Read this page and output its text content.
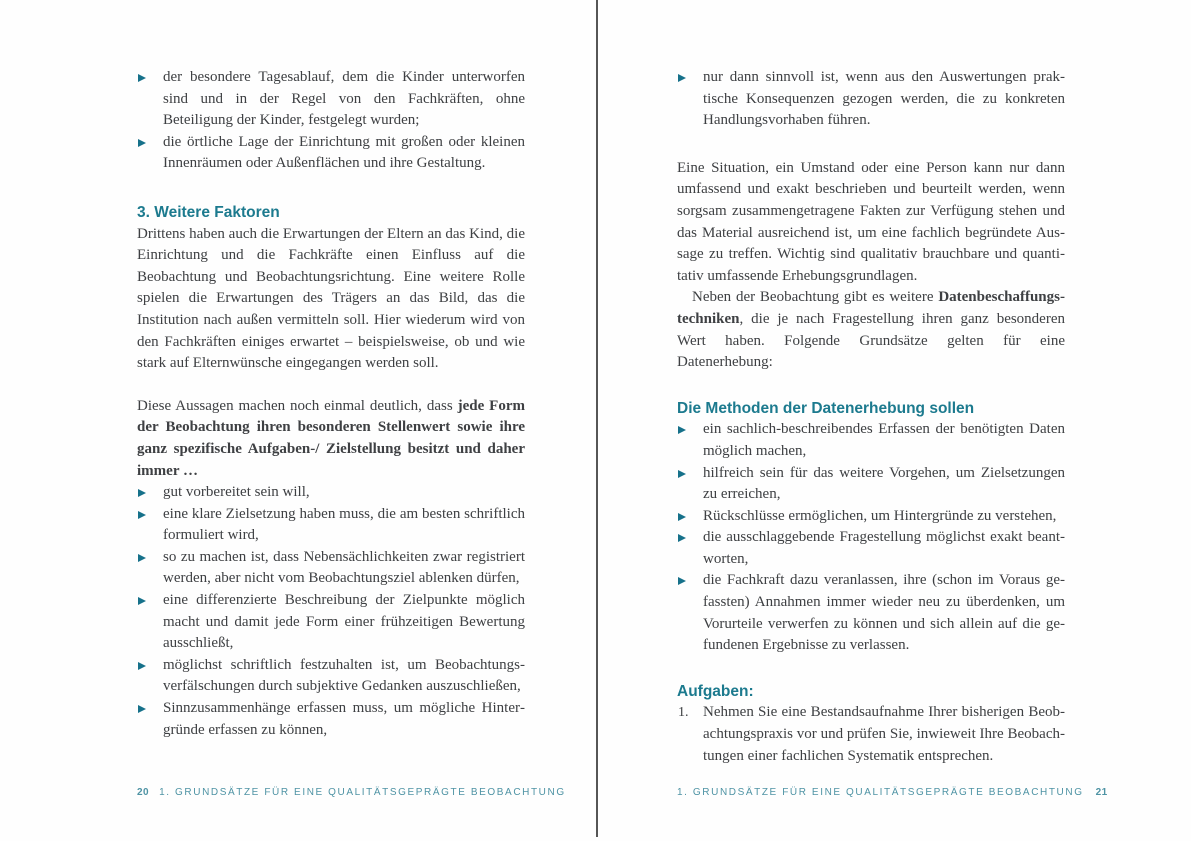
der besondere Tagesablauf, dem die Kinder unterworfen sind und in der Regel von den Fachkräften, ohne Beteiligung der Kinder, festgelegt wurden;
die örtliche Lage der Einrichtung mit großen oder kleinen Innenräumen oder Außenflächen und ihre Gestaltung.
3. Weitere Faktoren
Drittens haben auch die Erwartungen der Eltern an das Kind, die Einrichtung und die Fachkräfte einen Einfluss auf die Beobachtung und Beobachtungsrichtung. Eine weitere Rolle spielen die Erwartungen des Trägers an das Bild, das die Institution nach außen vermitteln soll. Hier wiederum wird von den Fachkräften einiges erwartet – beispielsweise, ob und wie stark auf Elternwünsche eingegangen werden soll.
Diese Aussagen machen noch einmal deutlich, dass jede Form der Beobachtung ihren besonderen Stellenwert sowie ihre ganz spezifische Aufgaben-/ Zielstellung besitzt und daher immer …
gut vorbereitet sein will,
eine klare Zielsetzung haben muss, die am besten schriftlich formuliert wird,
so zu machen ist, dass Nebensächlichkeiten zwar registriert werden, aber nicht vom Beobachtungsziel ablenken dürfen,
eine differenzierte Beschreibung der Zielpunkte möglich macht und damit jede Form einer frühzeitigen Bewertung ausschließt,
möglichst schriftlich festzuhalten ist, um Beobachtungsverfälschungen durch subjektive Gedanken auszuschließen,
Sinnzusammenhänge erfassen muss, um mögliche Hintergründe erfassen zu können,
nur dann sinnvoll ist, wenn aus den Auswertungen praktische Konsequenzen gezogen werden, die zu konkreten Handlungsvorhaben führen.
Eine Situation, ein Umstand oder eine Person kann nur dann umfassend und exakt beschrieben und beurteilt werden, wenn sorgsam zusammengetragene Fakten zur Verfügung stehen und das Material ausreichend ist, um eine fachlich begründete Aussage zu treffen. Wichtig sind qualitativ brauchbare und quantitativ umfassende Erhebungsgrundlagen.
Neben der Beobachtung gibt es weitere Datenbeschaffungstechniken, die je nach Fragestellung ihren ganz besonderen Wert haben. Folgende Grundsätze gelten für eine Datenerhebung:
Die Methoden der Datenerhebung sollen
ein sachlich-beschreibendes Erfassen der benötigten Daten möglich machen,
hilfreich sein für das weitere Vorgehen, um Zielsetzungen zu erreichen,
Rückschlüsse ermöglichen, um Hintergründe zu verstehen,
die ausschlaggebende Fragestellung möglichst exakt beantworten,
die Fachkraft dazu veranlassen, ihre (schon im Voraus gefassten) Annahmen immer wieder neu zu überdenken, um Vorurteile verwerfen zu können und sich allein auf die gefundenen Ergebnisse zu verlassen.
Aufgaben:
1. Nehmen Sie eine Bestandsaufnahme Ihrer bisherigen Beobachtungspraxis vor und prüfen Sie, inwieweit Ihre Beobachtungen einer fachlichen Systematik entsprechen.
20 1. GRUNDSÄTZE FÜR EINE QUALITÄTSGEPRÄGTE BEOBACHTUNG	1. GRUNDSÄTZE FÜR EINE QUALITÄTSGEPRÄGTE BEOBACHTUNG 21
